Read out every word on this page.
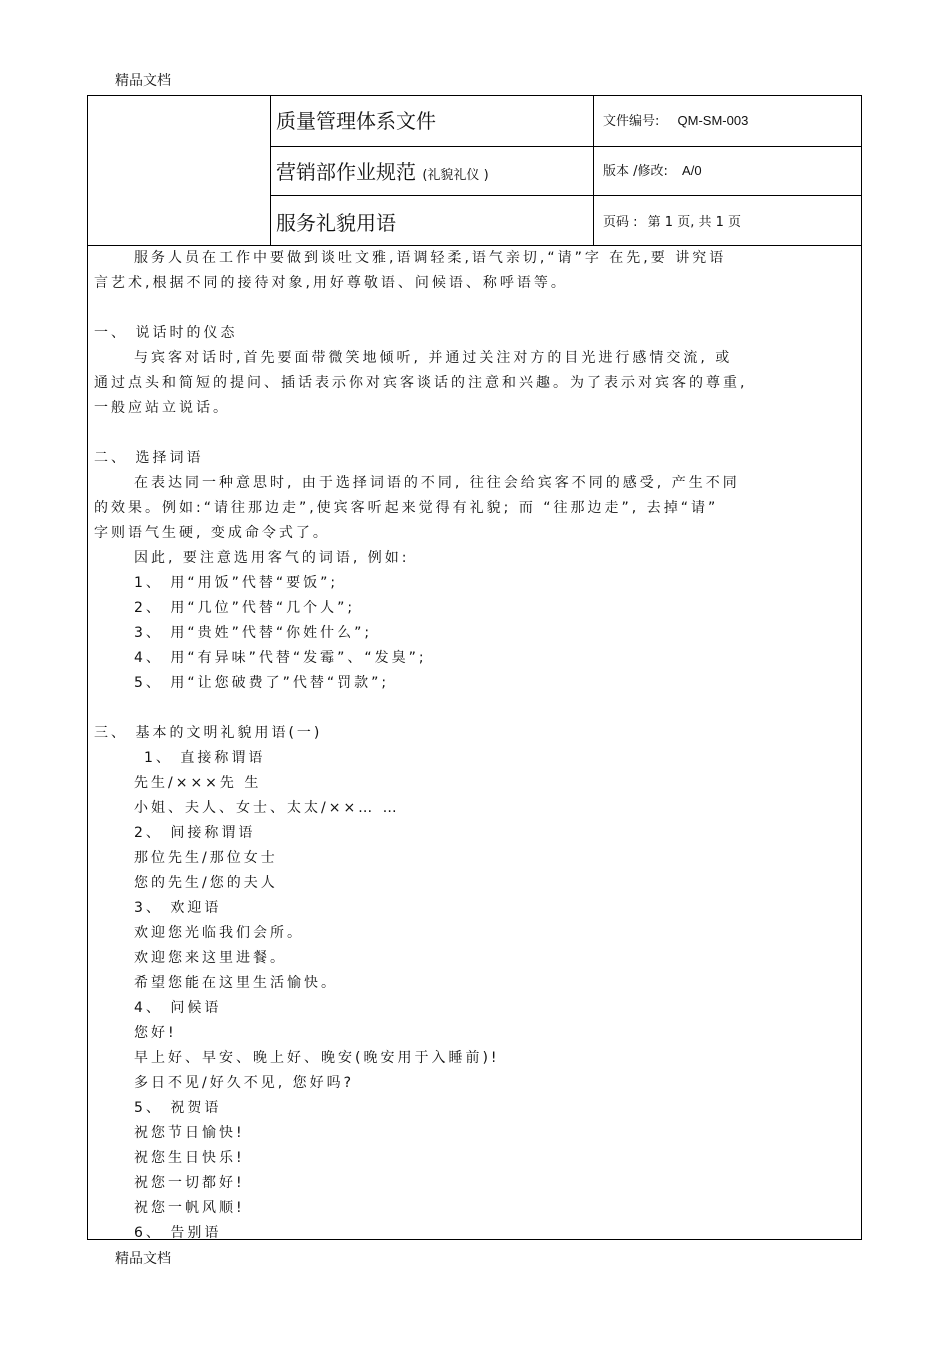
精品文档
质量管理体系文件
营销部作业规范 (礼貌礼仪 )
服务礼貌用语
文件编号: QM-SM-003
版本 /修改: A/0
页码 : 第 1 页, 共 1 页

服务人员在工作中要做到谈吐文雅,语调轻柔,语气亲切,“请”字 在先,要 讲究语

言艺术,根据不同的接待对象,用好尊敬语、问候语、称呼语等。

一、 说话时的仪态

与宾客对话时,首先要面带微笑地倾听, 并通过关注对方的目光进行感情交流, 或

通过点头和简短的提问、插话表示你对宾客谈话的注意和兴趣。为了表示对宾客的尊重,

一般应站立说话。

二、 选择词语

在表达同一种意思时, 由于选择词语的不同, 往往会给宾客不同的感受, 产生不同

的效果。例如:“请往那边走”,使宾客听起来觉得有礼貌; 而 “往那边走”, 去掉“请”

字则语气生硬, 变成命令式了。

因此, 要注意选用客气的词语, 例如:

1、 用“用饭”代替“要饭”;

2、 用“几位”代替“几个人”;

3、 用“贵姓”代替“你姓什么”;

4、 用“有异味”代替“发霉”、“发臭”;

5、 用“让您破费了”代替“罚款”;

三、 基本的文明礼貌用语(一)

1、 直接称谓语

先生/×××先 生

小姐、夫人、女士、太太/××… …

2、 间接称谓语

那位先生/那位女士

您的先生/您的夫人

3、 欢迎语

欢迎您光临我们会所。

欢迎您来这里进餐。

希望您能在这里生活愉快。

4、 问候语

您好!

早上好、早安、晚上好、晚安(晚安用于入睡前)!

多日不见/好久不见, 您好吗?

5、 祝贺语

祝您节日愉快!

祝您生日快乐!

祝您一切都好!

祝您一帆风顺!

6、 告别语

精品文档
